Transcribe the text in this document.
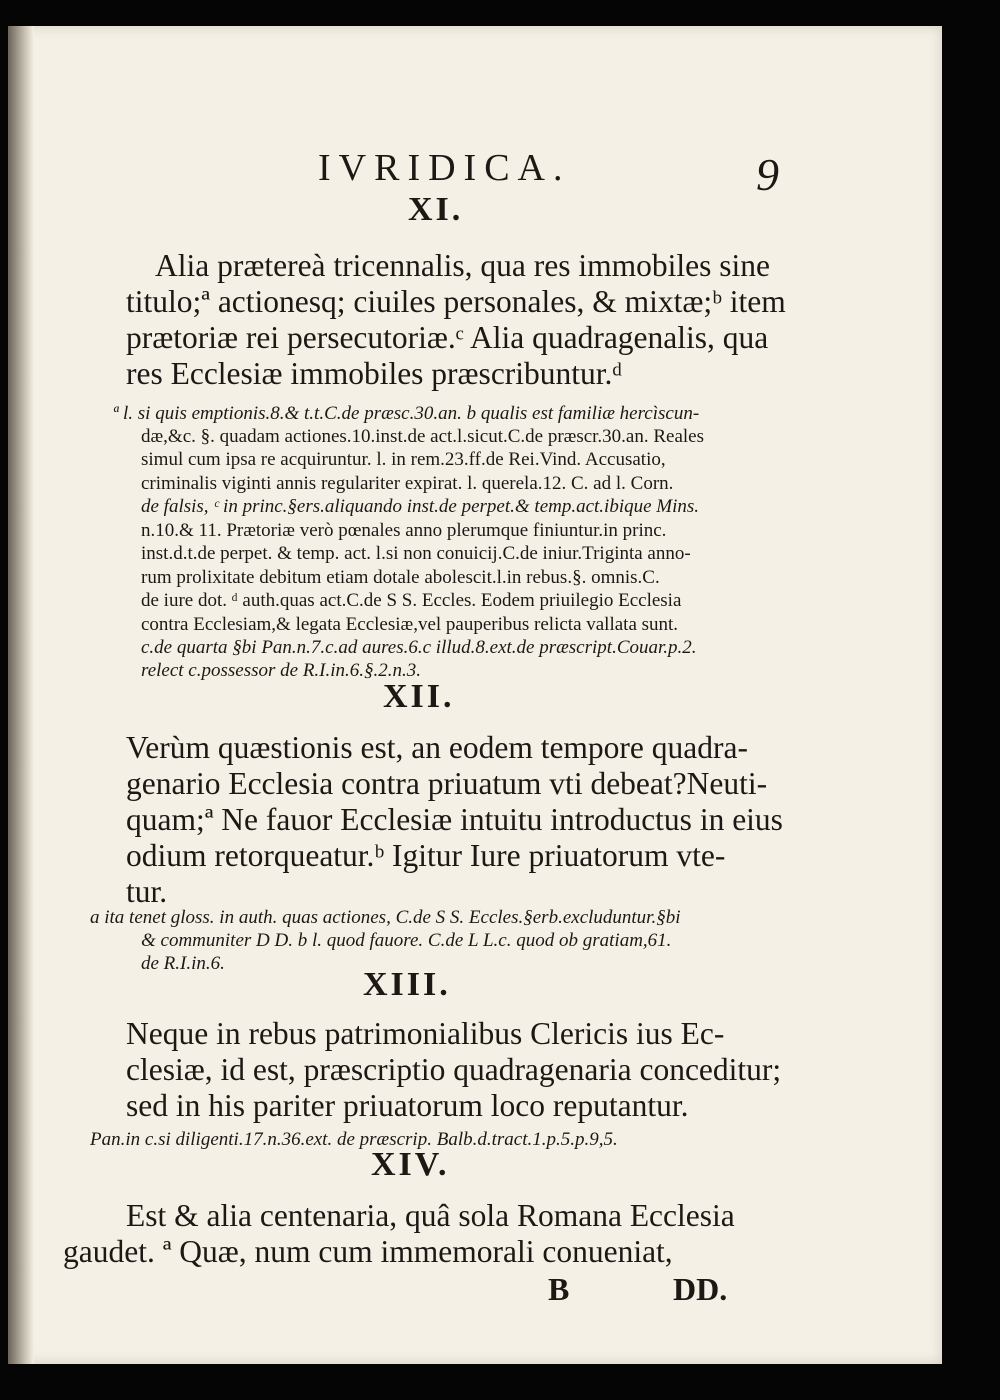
IVRIDICA.	9
XI.
Alia prætereà tricennalis, qua res immobiles sine
titulo;ª actionesq; ciuiles personales, & mixtæ;ᵇ item
prætoriæ rei persecutoriæ.ᶜ Alia quadragenalis, qua
res Ecclesiæ immobiles præscribuntur.ᵈ
ª l. si quis emptionis.8.& t.t.C.de præsc.30.an. b qualis est familiæ hercìscun-
dæ,&c. §. quadam actiones.10.inst.de act.l.sicut.C.de præscr.30.an. Reales
simul cum ipsa re acquiruntur. l. in rem.23.ff.de Rei.Vind. Accusatio,
criminalis viginti annis regulariter expirat. l. querela.12. C. ad l. Corn.
de falsis, ᶜ in princ.§ers.aliquando inst.de perpet.& temp.act.ibique Mins.
n.10.& 11. Prætoriæ verò pœnales anno plerumque finiuntur.in princ.
inst.d.t.de perpet. & temp. act. l.si non conuicij.C.de iniur.Triginta anno-
rum prolixitate debitum etiam dotale abolescit.l.in rebus.§. omnis.C.
de iure dot. ᵈ auth.quas act.C.de S S. Eccles. Eodem priuilegio Ecclesia
contra Ecclesiam,& legata Ecclesiæ,vel pauperibus relicta vallata sunt.
c.de quarta §bi Pan.n.7.c.ad aures.6.c illud.8.ext.de præscript.Couar.p.2.
relect c.possessor de R.I.in.6.§.2.n.3.
XII.
Verùm quæstionis est, an eodem tempore quadra-
genario Ecclesia contra priuatum vti debeat?Neuti-
quam;ª Ne fauor Ecclesiæ intuitu introductus in eius
odium retorqueatur.ᵇ Igitur Iure priuatorum vte-
tur.
a ita tenet gloss. in auth. quas actiones, C.de S S. Eccles.§erb.excluduntur.§bi
& communiter D D. b l. quod fauore. C.de L L.c. quod ob gratiam,61.
de R.I.in.6.
XIII.
Neque in rebus patrimonialibus Clericis ius Ec-
clesiæ, id est, præscriptio quadragenaria conceditur;
sed in his pariter priuatorum loco reputantur.
Pan.in c.si diligenti.17.n.36.ext. de præscrip. Balb.d.tract.1.p.5.p.9,5.
XIV.
Est & alia centenaria, quâ sola Romana Ecclesia
gaudet. ª Quæ, num cum immemorali conueniat,
B	DD.
